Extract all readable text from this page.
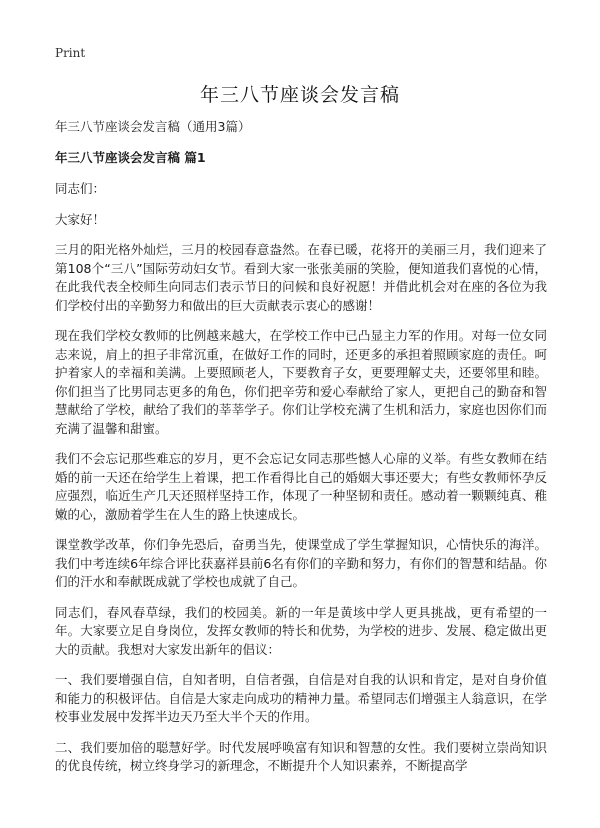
Print
年三八节座谈会发言稿
年三八节座谈会发言稿（通用3篇）
年三八节座谈会发言稿 篇1

同志们：

大家好！

三月的阳光格外灿烂，三月的校园春意盎然。在春已暖，花将开的美丽三月，我们迎来了第108个“三八”国际劳动妇女节。看到大家一张张美丽的笑脸，便知道我们喜悦的心情，在此我代表全校师生向同志们表示节日的问候和良好祝愿！并借此机会对在座的各位为我们学校付出的辛勤努力和做出的巨大贡献表示衷心的感谢！

现在我们学校女教师的比例越来越大，在学校工作中已凸显主力军的作用。对每一位女同志来说，肩上的担子非常沉重，在做好工作的同时，还更多的承担着照顾家庭的责任。呵护着家人的幸福和美满。上要照顾老人，下要教育子女，更要理解丈夫，还要邻里和睦。你们担当了比男同志更多的角色，你们把辛劳和爱心奉献给了家人，更把自己的勤奋和智慧献给了学校，献给了我们的莘莘学子。你们让学校充满了生机和活力，家庭也因你们而充满了温馨和甜蜜。

我们不会忘记那些难忘的岁月，更不会忘记女同志那些憾人心扉的义举。有些女教师在结婚的前一天还在给学生上着课，把工作看得比自己的婚姻大事还要大；有些女教师怀孕反应强烈，临近生产几天还照样坚持工作，体现了一种坚韧和责任。感动着一颗颗纯真、稚嫩的心，激励着学生在人生的路上快速成长。

课堂教学改革，你们争先恐后，奋勇当先，使课堂成了学生掌握知识，心情快乐的海洋。我们中考连续6年综合评比获嘉祥县前6名有你们的辛勤和努力，有你们的智慧和结晶。你们的汗水和奉献既成就了学校也成就了自己。

同志们，春风春草绿，我们的校园美。新的一年是黄垓中学人更具挑战，更有希望的一年。大家要立足自身岗位，发挥女教师的特长和优势，为学校的进步、发展、稳定做出更大的贡献。我想对大家发出新年的倡议：

一、我们要增强自信，自知者明，自信者强，自信是对自我的认识和肯定，是对自身价值和能力的积极评估。自信是大家走向成功的精神力量。希望同志们增强主人翁意识，在学校事业发展中发挥半边天乃至大半个天的作用。

二、我们要加倍的聪慧好学。时代发展呼唤富有知识和智慧的女性。我们要树立崇尚知识的优良传统，树立终身学习的新理念，不断提升个人知识素养，不断提高学
